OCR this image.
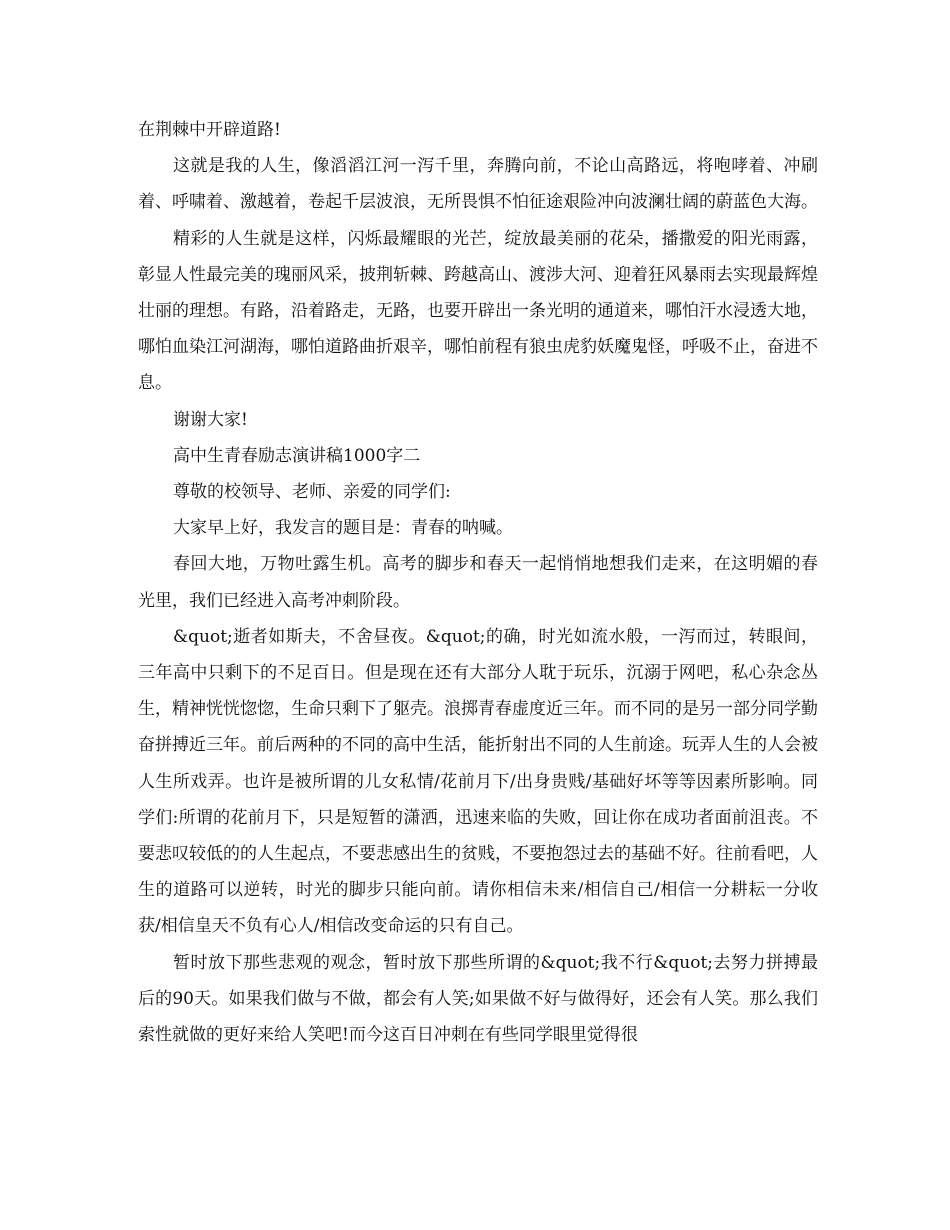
在荆棘中开辟道路!

这就是我的人生，像滔滔江河一泻千里，奔腾向前，不论山高路远，将咆哮着、冲刷着、呼啸着、激越着，卷起千层波浪，无所畏惧不怕征途艰险冲向波澜壮阔的蔚蓝色大海。

精彩的人生就是这样，闪烁最耀眼的光芒，绽放最美丽的花朵，播撒爱的阳光雨露，彰显人性最完美的瑰丽风采，披荆斩棘、跨越高山、渡涉大河、迎着狂风暴雨去实现最辉煌壮丽的理想。有路，沿着路走，无路，也要开辟出一条光明的通道来，哪怕汗水浸透大地，哪怕血染江河湖海，哪怕道路曲折艰辛，哪怕前程有狼虫虎豹妖魔鬼怪，呼吸不止，奋进不息。

谢谢大家!

高中生青春励志演讲稿1000字二

尊敬的校领导、老师、亲爱的同学们:

大家早上好，我发言的题目是：青春的呐喊。

春回大地，万物吐露生机。高考的脚步和春天一起悄悄地想我们走来，在这明媚的春光里，我们已经进入高考冲刺阶段。

&quot;逝者如斯夫，不舍昼夜。&quot;的确，时光如流水般，一泻而过，转眼间，三年高中只剩下的不足百日。但是现在还有大部分人耽于玩乐，沉溺于网吧，私心杂念丛生，精神恍恍惚惚，生命只剩下了躯壳。浪掷青春虚度近三年。而不同的是另一部分同学勤奋拼搏近三年。前后两种的不同的高中生活，能折射出不同的人生前途。玩弄人生的人会被人生所戏弄。也许是被所谓的儿女私情/花前月下/出身贵贱/基础好坏等等因素所影响。同学们:所谓的花前月下，只是短暂的潇洒，迅速来临的失败，回让你在成功者面前沮丧。不要悲叹较低的的人生起点，不要悲感出生的贫贱，不要抱怨过去的基础不好。往前看吧，人生的道路可以逆转，时光的脚步只能向前。请你相信未来/相信自己/相信一分耕耘一分收获/相信皇天不负有心人/相信改变命运的只有自己。

暂时放下那些悲观的观念，暂时放下那些所谓的&quot;我不行&quot;去努力拼搏最后的90天。如果我们做与不做，都会有人笑;如果做不好与做得好，还会有人笑。那么我们索性就做的更好来给人笑吧!而今这百日冲刺在有些同学眼里觉得很
